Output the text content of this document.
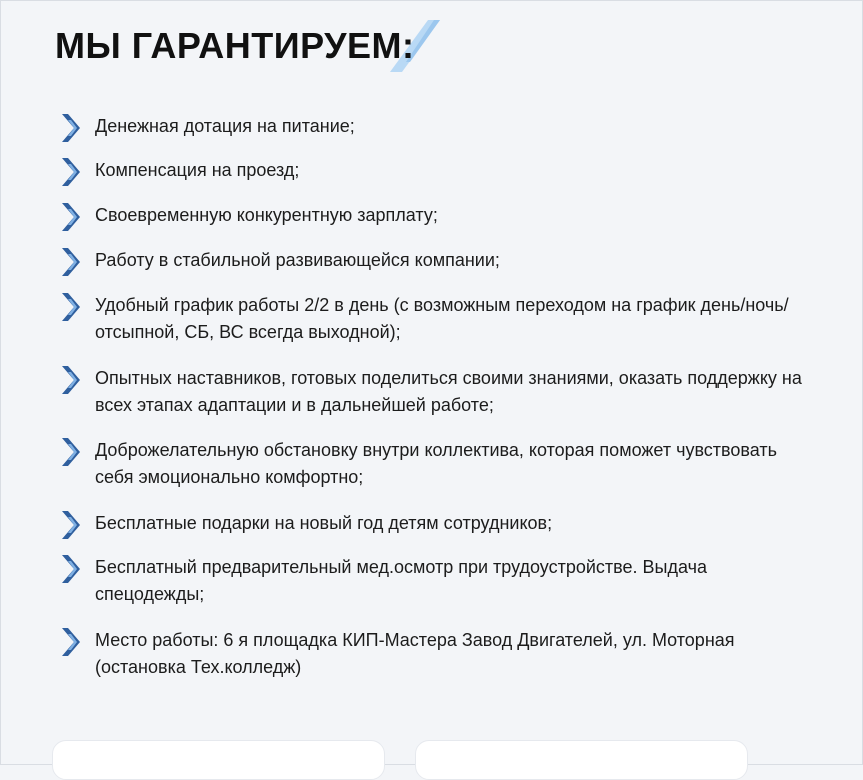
МЫ ГАРАНТИРУЕМ:
Денежная дотация на питание;
Компенсация на проезд;
Своевременную конкурентную зарплату;
Работу в стабильной развивающейся компании;
Удобный график работы 2/2 в день (с возможным переходом на график день/ночь/отсыпной, СБ, ВС всегда выходной);
Опытных наставников, готовых поделиться своими знаниями, оказать поддержку на всех этапах адаптации и в дальнейшей работе;
Доброжелательную обстановку внутри коллектива, которая поможет чувствовать себя эмоционально комфортно;
Бесплатные подарки на новый год детям сотрудников;
Бесплатный предварительный мед.осмотр при трудоустройстве. Выдача спецодежды;
Место работы: 6 я площадка КИП-Мастера Завод Двигателей, ул. Моторная (остановка Тех.колледж)
